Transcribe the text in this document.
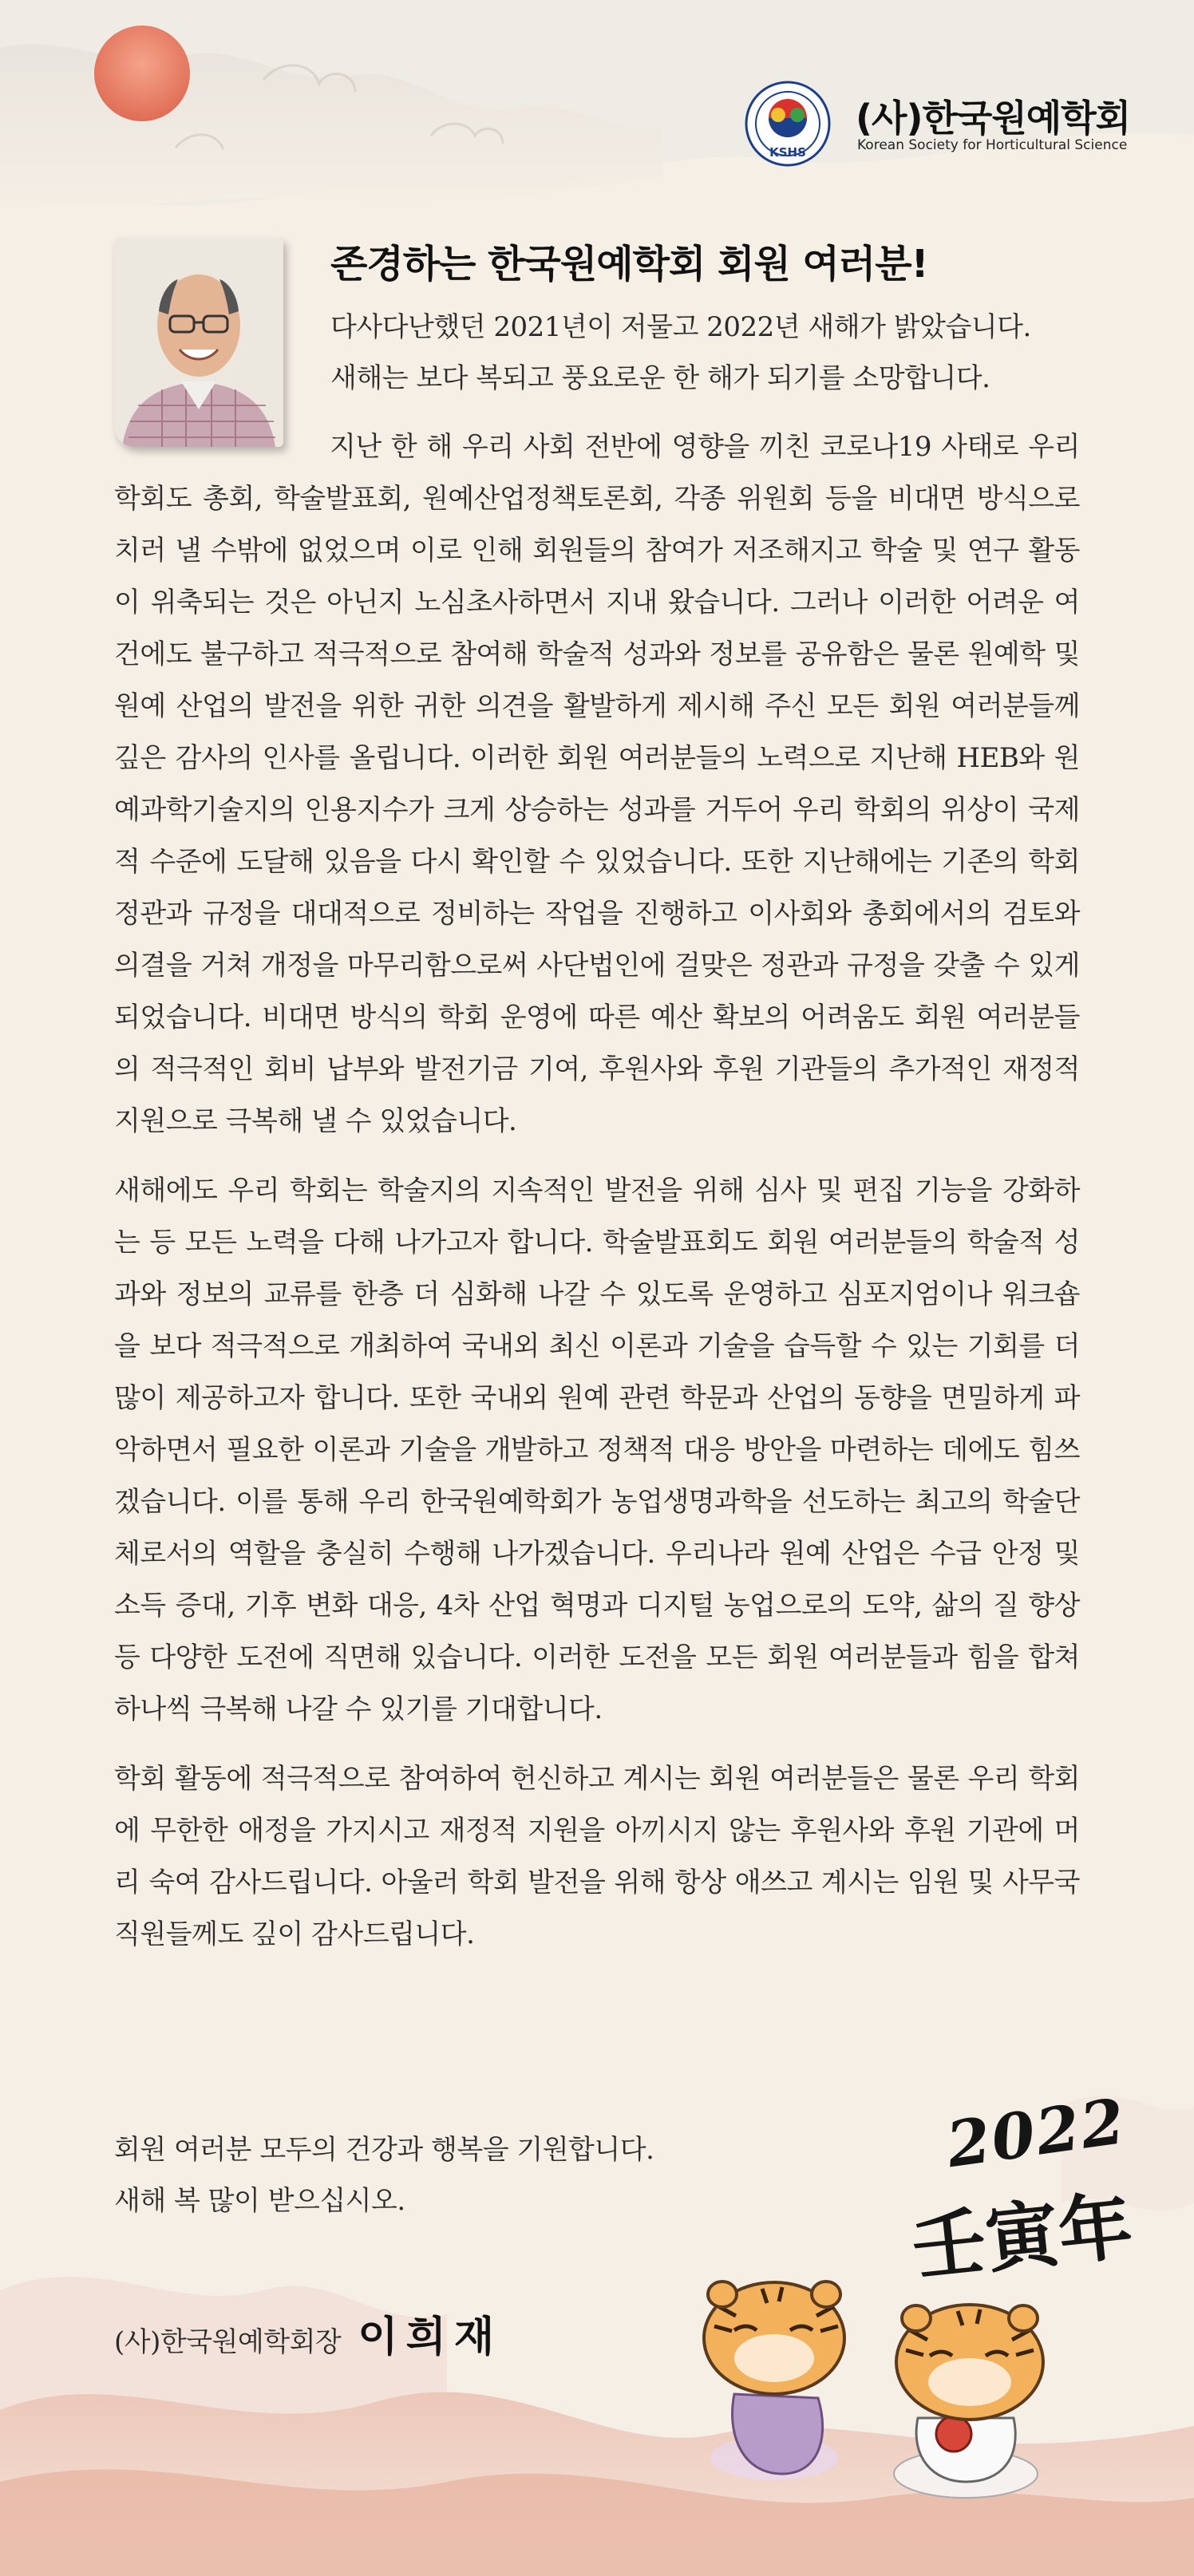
KSHS
(사)한국원예학회
Korean Society for Horticultural Science
존경하는 한국원예학회 회원 여러분!
다사다난했던 2021년이 저물고 2022년 새해가 밝았습니다.
새해는 보다 복되고 풍요로운 한 해가 되기를 소망합니다.

지난 한 해 우리 사회 전반에 영향을 끼친 코로나19 사태로 우리 학회도 총회, 학술발표회, 원예산업정책토론회, 각종 위원회 등을 비대면 방식으로 치러 낼 수밖에 없었으며 이로 인해 회원들의 참여가 저조해지고 학술 및 연구 활동이 위축되는 것은 아닌지 노심초사하면서 지내 왔습니다. 그러나 이러한 어려운 여건에도 불구하고 적극적으로 참여해 학술적 성과와 정보를 공유함은 물론 원예학 및 원예 산업의 발전을 위한 귀한 의견을 활발하게 제시해 주신 모든 회원 여러분들께 깊은 감사의 인사를 올립니다. 이러한 회원 여러분들의 노력으로 지난해 HEB와 원예과학기술지의 인용지수가 크게 상승하는 성과를 거두어 우리 학회의 위상이 국제적 수준에 도달해 있음을 다시 확인할 수 있었습니다. 또한 지난해에는 기존의 학회 정관과 규정을 대대적으로 정비하는 작업을 진행하고 이사회와 총회에서의 검토와 의결을 거쳐 개정을 마무리함으로써 사단법인에 걸맞은 정관과 규정을 갖출 수 있게 되었습니다. 비대면 방식의 학회 운영에 따른 예산 확보의 어려움도 회원 여러분들의 적극적인 회비 납부와 발전기금 기여, 후원사와 후원 기관들의 추가적인 재정적 지원으로 극복해 낼 수 있었습니다.

새해에도 우리 학회는 학술지의 지속적인 발전을 위해 심사 및 편집 기능을 강화하는 등 모든 노력을 다해 나가고자 합니다. 학술발표회도 회원 여러분들의 학술적 성과와 정보의 교류를 한층 더 심화해 나갈 수 있도록 운영하고 심포지엄이나 워크숍을 보다 적극적으로 개최하여 국내외 최신 이론과 기술을 습득할 수 있는 기회를 더 많이 제공하고자 합니다. 또한 국내외 원예 관련 학문과 산업의 동향을 면밀하게 파악하면서 필요한 이론과 기술을 개발하고 정책적 대응 방안을 마련하는 데에도 힘쓰겠습니다. 이를 통해 우리 한국원예학회가 농업생명과학을 선도하는 최고의 학술단체로서의 역할을 충실히 수행해 나가겠습니다. 우리나라 원예 산업은 수급 안정 및 소득 증대, 기후 변화 대응, 4차 산업 혁명과 디지털 농업으로의 도약, 삶의 질 향상 등 다양한 도전에 직면해 있습니다. 이러한 도전을 모든 회원 여러분들과 힘을 합쳐 하나씩 극복해 나갈 수 있기를 기대합니다.

학회 활동에 적극적으로 참여하여 헌신하고 계시는 회원 여러분들은 물론 우리 학회에 무한한 애정을 가지시고 재정적 지원을 아끼시지 않는 후원사와 후원 기관에 머리 숙여 감사드립니다. 아울러 학회 발전을 위해 항상 애쓰고 계시는 임원 및 사무국 직원들께도 깊이 감사드립니다.

회원 여러분 모두의 건강과 행복을 기원합니다.
새해 복 많이 받으십시오.
(사)한국원예학회장 이희재
2022
壬寅年
